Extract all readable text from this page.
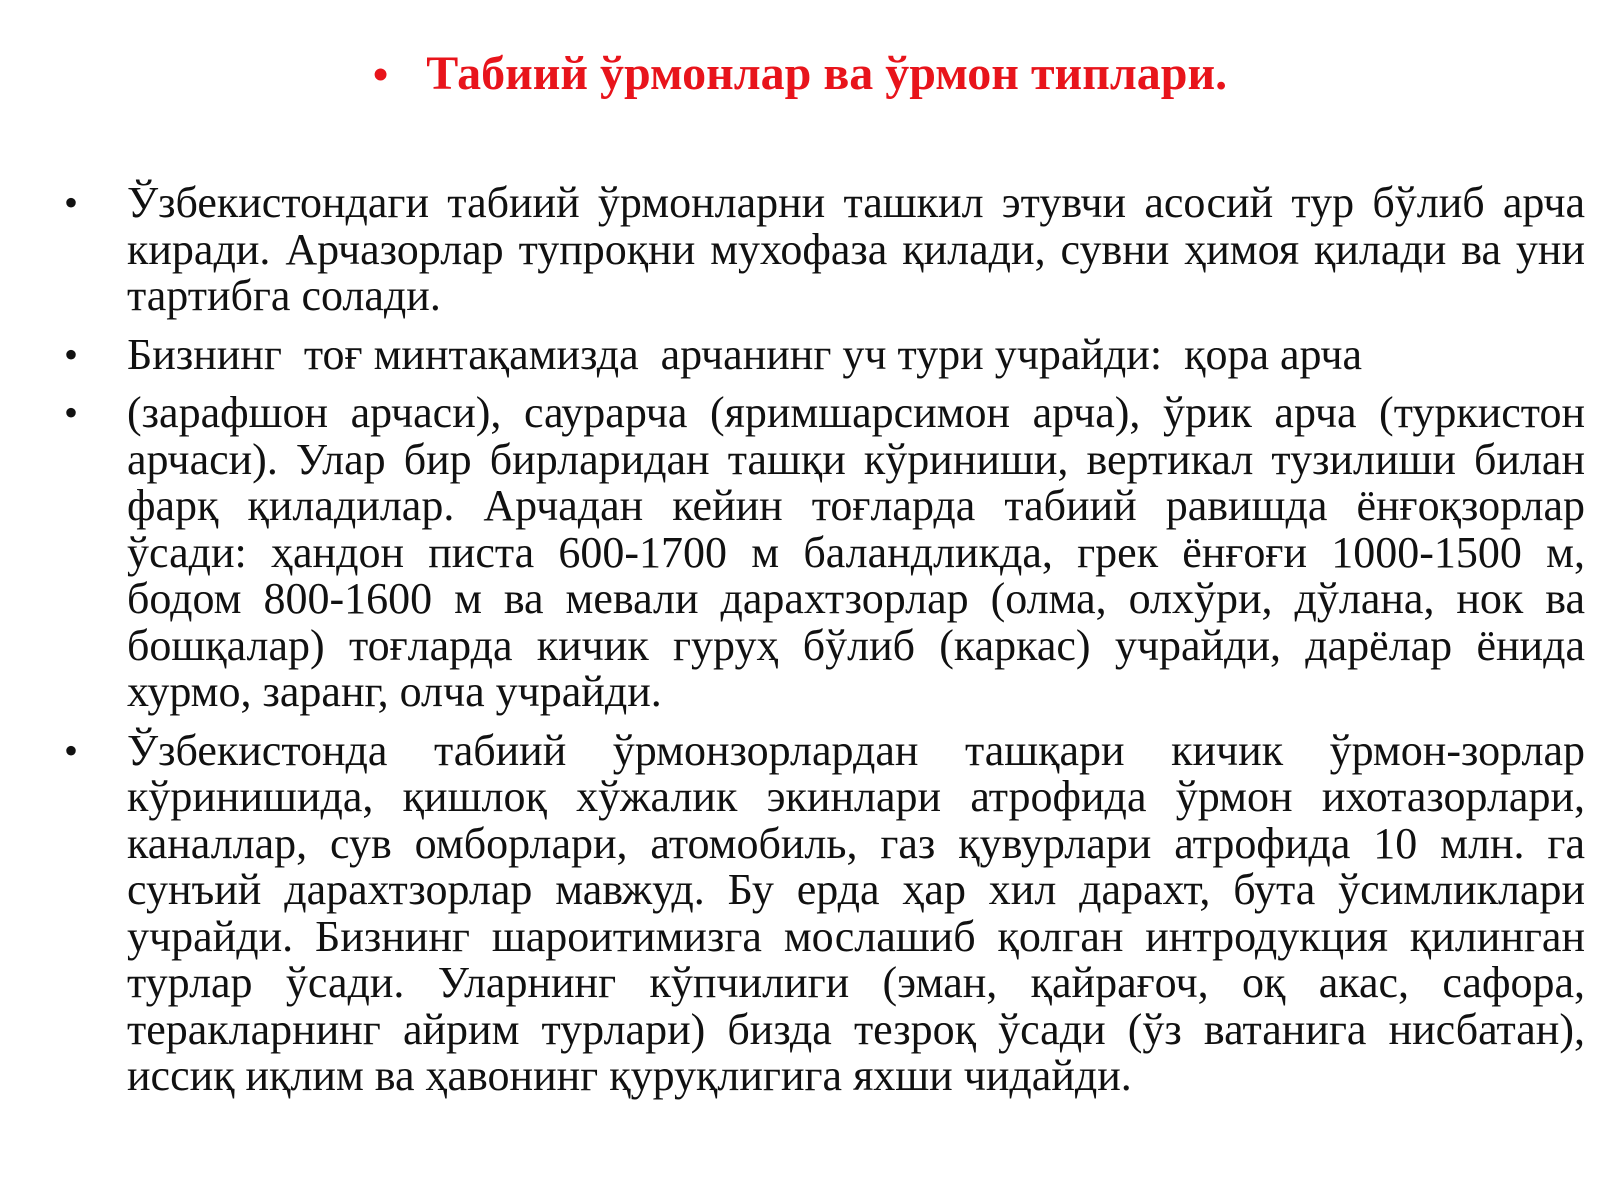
• Табиий ўрмонлар ва ўрмон типлари.
• Ўзбекистондаги табиий ўрмонларни ташкил этувчи асосий тур бўлиб арча киради. Арчазорлар тупроқни мухофаза қилади, сувни ҳимоя қилади ва уни тартибга солади.
• Бизнинг  тоғ минтақамизда  арчанинг уч тури учрайди:  қора арча
• (зарафшон арчаси), саурарча (яримшарсимон арча), ўрик арча (туркистон арчаси). Улар бир бирларидан ташқи кўриниши, вертикал тузилиши билан фарқ қиладилар. Арчадан кейин тоғларда табиий равишда ёнғоқзорлар ўсади: ҳандон писта 600-1700 м баландликда, грек ёнғоғи 1000-1500 м, бодом 800-1600 м ва мевали дарахтзорлар (олма, олхўри, дўлана, нок ва бошқалар) тоғларда кичик гуруҳ бўлиб (каркас) учрайди, дарёлар ёнида хурмо, заранг, олча учрайди.
• Ўзбекистонда табиий ўрмонзорлардан ташқари кичик ўрмон-зорлар кўринишида, қишлоқ хўжалик экинлари атрофида ўрмон ихотазорлари, каналлар, сув омборлари, атомобиль, газ қувурлари атрофида 10 млн. га сунъий дарахтзорлар мавжуд. Бу ерда ҳар хил дарахт, бута ўсимликлари учрайди. Бизнинг шароитимизга мослашиб қолган интродукция қилинган турлар ўсади. Уларнинг кўпчилиги (эман, қайрағоч, оқ акас, сафора, теракларнинг айрим турлари) бизда тезроқ ўсади (ўз ватанига нисбатан), иссиқ иқлим ва ҳавонинг қуруқлигига яхши чидайди.
